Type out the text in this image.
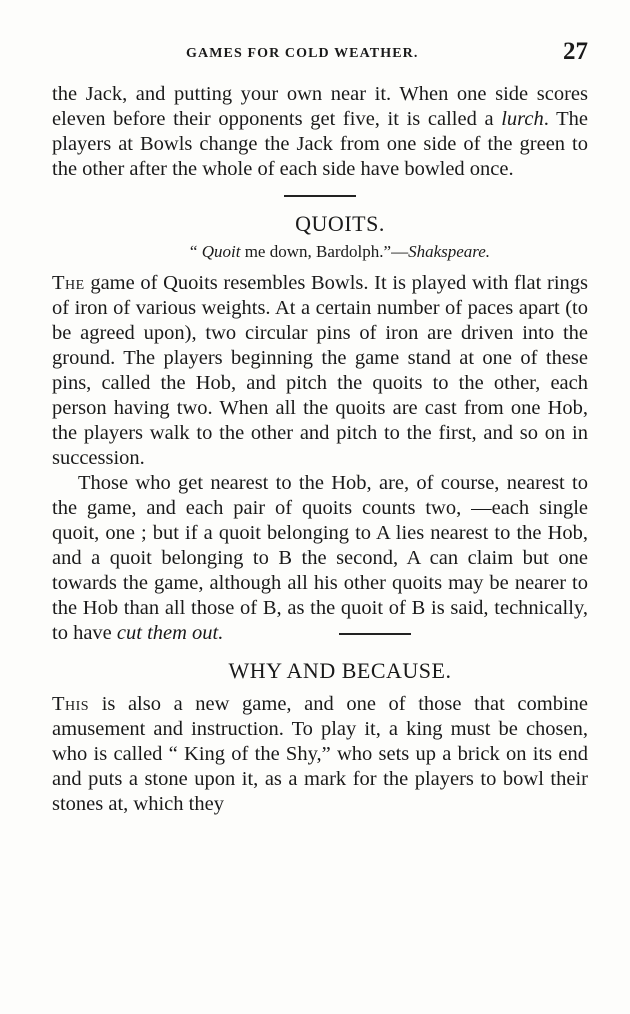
GAMES FOR COLD WEATHER.	27

the Jack, and putting your own near it. When one side scores eleven before their opponents get five, it is called a lurch. The players at Bowls change the Jack from one side of the green to the other after the whole of each side have bowled once.

QUOITS.

“ Quoit me down, Bardolph.”—Shakspeare.

The game of Quoits resembles Bowls. It is played with flat rings of iron of various weights. At a certain number of paces apart (to be agreed upon), two circular pins of iron are driven into the ground. The players beginning the game stand at one of these pins, called the Hob, and pitch the quoits to the other, each person having two. When all the quoits are cast from one Hob, the players walk to the other and pitch to the first, and so on in succession.

Those who get nearest to the Hob, are, of course, nearest to the game, and each pair of quoits counts two, —each single quoit, one ; but if a quoit belonging to A lies nearest to the Hob, and a quoit belonging to B the second, A can claim but one towards the game, although all his other quoits may be nearer to the Hob than all those of B, as the quoit of B is said, technically, to have cut them out.

WHY AND BECAUSE.

This is also a new game, and one of those that combine amusement and instruction. To play it, a king must be chosen, who is called “ King of the Shy,” who sets up a brick on its end and puts a stone upon it, as a mark for the players to bowl their stones at, which they
